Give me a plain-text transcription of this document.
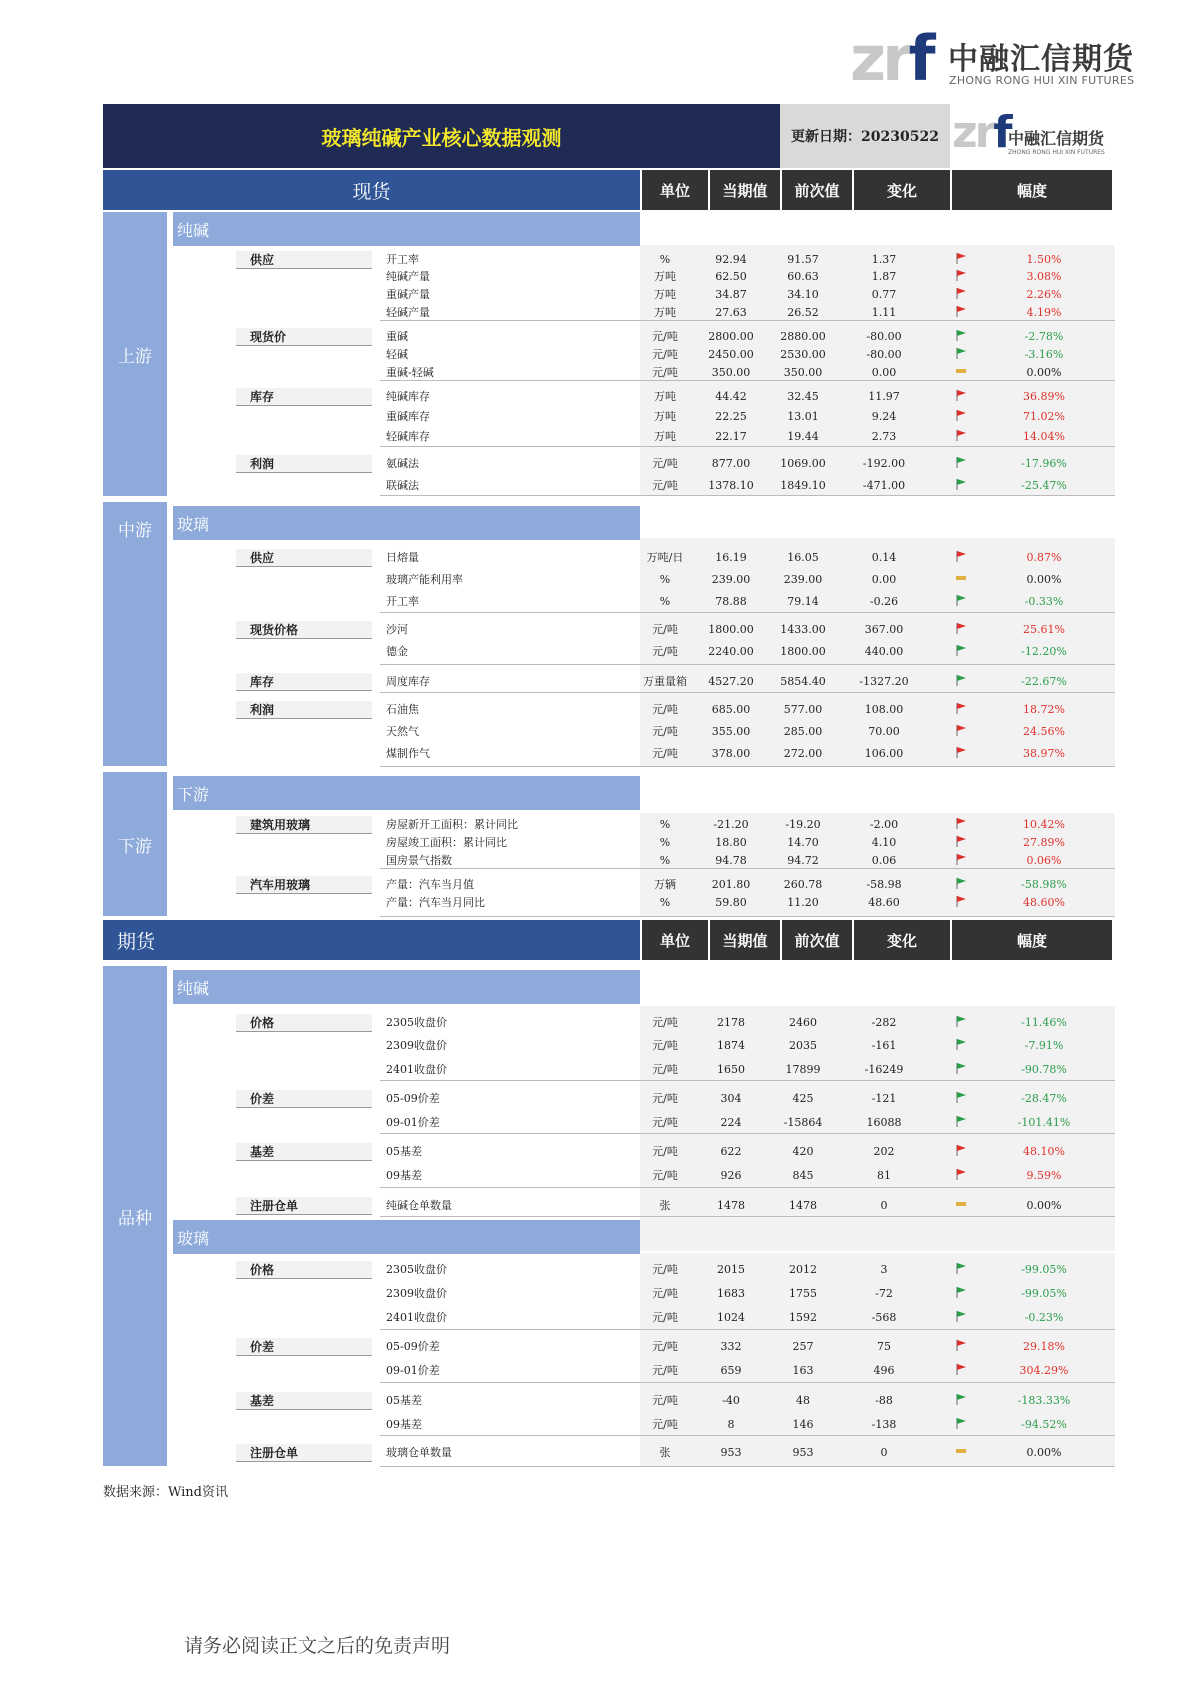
zrf 中融汇信期货
ZHONG RONG HUI XIN FUTURES
玻璃纯碱产业核心数据观测	更新日期：20230522 zrf
中融汇信期货
ZHONG RONG HUI XIN FUTURES
现货	单位	当期值	前次值	变化	幅度
上游
中游
下游
纯碱
玻璃
下游
供应
现货价
库存
利润
供应
现货价格
库存
利润
建筑用玻璃
汽车用玻璃
开工率	%	92.94	91.57	1.37	1.50%
纯碱产量	万吨	62.50	60.63	1.87	3.08%
重碱产量	万吨	34.87	34.10	0.77	2.26%
轻碱产量	万吨	27.63	26.52	1.11	4.19%
重碱	元/吨	2800.00	2880.00	-80.00	-2.78%
轻碱	元/吨	2450.00	2530.00	-80.00	-3.16%
重碱-轻碱	元/吨	350.00	350.00	0.00	0.00%
纯碱库存	万吨	44.42	32.45	11.97	36.89%
重碱库存	万吨	22.25	13.01	9.24	71.02%
轻碱库存	万吨	22.17	19.44	2.73	14.04%
氨碱法	元/吨	877.00	1069.00	-192.00	-17.96%
联碱法	元/吨	1378.10	1849.10	-471.00	-25.47%
日熔量	万吨/日	16.19	16.05	0.14	0.87%
玻璃产能利用率	%	239.00	239.00	0.00	0.00%
开工率	%	78.88	79.14	-0.26	-0.33%
沙河	元/吨	1800.00	1433.00	367.00	25.61%
德金	元/吨	2240.00	1800.00	440.00	-12.20%
周度库存	万重量箱	4527.20	5854.40	-1327.20	-22.67%
石油焦	元/吨	685.00	577.00	108.00	18.72%
天然气	元/吨	355.00	285.00	70.00	24.56%
煤制作气	元/吨	378.00	272.00	106.00	38.97%
房屋新开工面积：累计同比	%	-21.20	-19.20	-2.00	10.42%
房屋竣工面积：累计同比	%	18.80	14.70	4.10	27.89%
国房景气指数	%	94.78	94.72	0.06	0.06%
产量：汽车当月值	万辆	201.80	260.78	-58.98	-58.98%
产量：汽车当月同比	%	59.80	11.20	48.60	48.60%
期货	单位	当期值	前次值	变化	幅度
品种
纯碱
玻璃
价格
价差
基差
注册仓单
价格
价差
基差
注册仓单
2305收盘价	元/吨	2178	2460	-282	-11.46%
2309收盘价	元/吨	1874	2035	-161	-7.91%
2401收盘价	元/吨	1650	17899	-16249	-90.78%
05-09价差	元/吨	304	425	-121	-28.47%
09-01价差	元/吨	224	-15864	16088	-101.41%
05基差	元/吨	622	420	202	48.10%
09基差	元/吨	926	845	81	9.59%
纯碱仓单数量	张	1478	1478	0	0.00%
2305收盘价	元/吨	2015	2012	3	-99.05%
2309收盘价	元/吨	1683	1755	-72	-99.05%
2401收盘价	元/吨	1024	1592	-568	-0.23%
05-09价差	元/吨	332	257	75	29.18%
09-01价差	元/吨	659	163	496	304.29%
05基差	元/吨	-40	48	-88	-183.33%
09基差	元/吨	8	146	-138	-94.52%
玻璃仓单数量	张	953	953	0	0.00%
数据来源：Wind资讯
请务必阅读正文之后的免责声明
